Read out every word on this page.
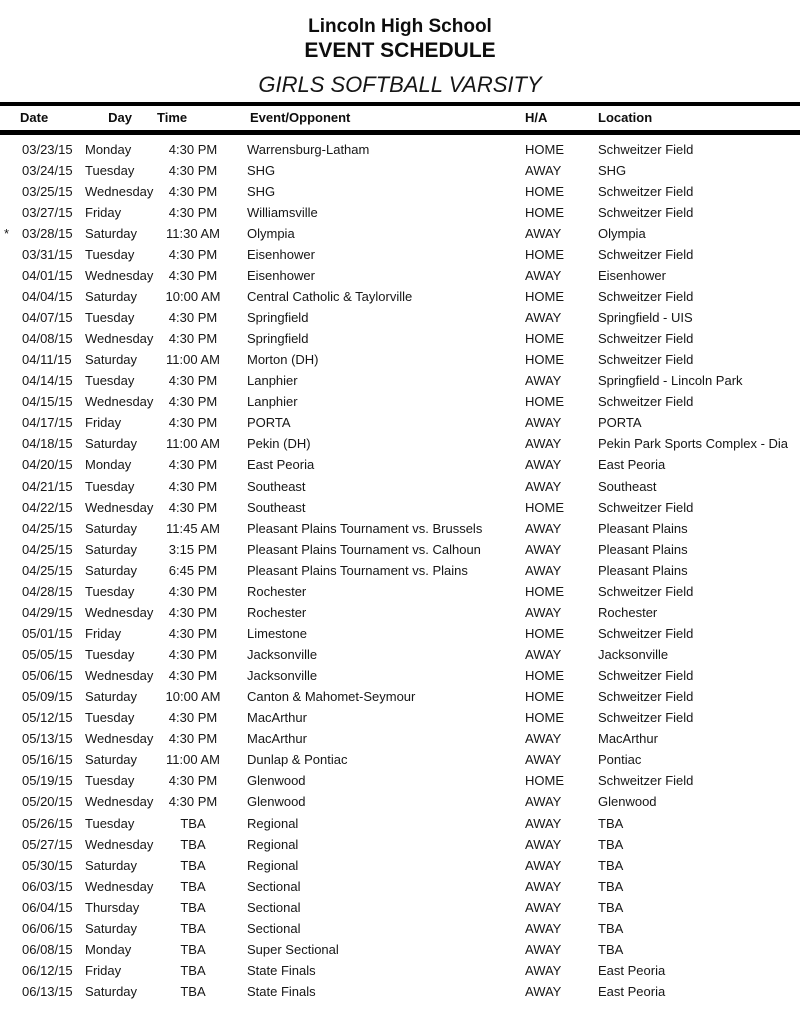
Lincoln High School
EVENT SCHEDULE
GIRLS SOFTBALL VARSITY
Date	Day Time	Event/Opponent	H/A	Location
03/23/15 Monday	4:30 PM	Warrensburg-Latham	HOME	Schweitzer Field
03/24/15 Tuesday	4:30 PM	SHG	AWAY	SHG
03/25/15 Wednesday	4:30 PM	SHG	HOME	Schweitzer Field
03/27/15 Friday	4:30 PM	Williamsville	HOME	Schweitzer Field
* 03/28/15 Saturday	11:30 AM	Olympia	AWAY	Olympia
03/31/15 Tuesday	4:30 PM	Eisenhower	HOME	Schweitzer Field
04/01/15 Wednesday	4:30 PM	Eisenhower	AWAY	Eisenhower
04/04/15 Saturday	10:00 AM	Central Catholic & Taylorville	HOME	Schweitzer Field
04/07/15 Tuesday	4:30 PM	Springfield	AWAY	Springfield - UIS
04/08/15 Wednesday	4:30 PM	Springfield	HOME	Schweitzer Field
04/11/15 Saturday	11:00 AM	Morton (DH)	HOME	Schweitzer Field
04/14/15 Tuesday	4:30 PM	Lanphier	AWAY	Springfield - Lincoln Park
04/15/15 Wednesday	4:30 PM	Lanphier	HOME	Schweitzer Field
04/17/15 Friday	4:30 PM	PORTA	AWAY	PORTA
04/18/15 Saturday	11:00 AM	Pekin (DH)	AWAY	Pekin Park Sports Complex - Dia
04/20/15 Monday	4:30 PM	East Peoria	AWAY	East Peoria
04/21/15 Tuesday	4:30 PM	Southeast	AWAY	Southeast
04/22/15 Wednesday	4:30 PM	Southeast	HOME	Schweitzer Field
04/25/15 Saturday	11:45 AM	Pleasant Plains Tournament vs. Brussels	AWAY	Pleasant Plains
04/25/15 Saturday	3:15 PM	Pleasant Plains Tournament vs. Calhoun	AWAY	Pleasant Plains
04/25/15 Saturday	6:45 PM	Pleasant Plains Tournament vs. Plains	AWAY	Pleasant Plains
04/28/15 Tuesday	4:30 PM	Rochester	HOME	Schweitzer Field
04/29/15 Wednesday	4:30 PM	Rochester	AWAY	Rochester
05/01/15 Friday	4:30 PM	Limestone	HOME	Schweitzer Field
05/05/15 Tuesday	4:30 PM	Jacksonville	AWAY	Jacksonville
05/06/15 Wednesday	4:30 PM	Jacksonville	HOME	Schweitzer Field
05/09/15 Saturday	10:00 AM	Canton & Mahomet-Seymour	HOME	Schweitzer Field
05/12/15 Tuesday	4:30 PM	MacArthur	HOME	Schweitzer Field
05/13/15 Wednesday	4:30 PM	MacArthur	AWAY	MacArthur
05/16/15 Saturday	11:00 AM	Dunlap & Pontiac	AWAY	Pontiac
05/19/15 Tuesday	4:30 PM	Glenwood	HOME	Schweitzer Field
05/20/15 Wednesday	4:30 PM	Glenwood	AWAY	Glenwood
05/26/15 Tuesday	TBA	Regional	AWAY	TBA
05/27/15 Wednesday	TBA	Regional	AWAY	TBA
05/30/15 Saturday	TBA	Regional	AWAY	TBA
06/03/15 Wednesday	TBA	Sectional	AWAY	TBA
06/04/15 Thursday	TBA	Sectional	AWAY	TBA
06/06/15 Saturday	TBA	Sectional	AWAY	TBA
06/08/15 Monday	TBA	Super Sectional	AWAY	TBA
06/12/15 Friday	TBA	State Finals	AWAY	East Peoria
06/13/15 Saturday	TBA	State Finals	AWAY	East Peoria
